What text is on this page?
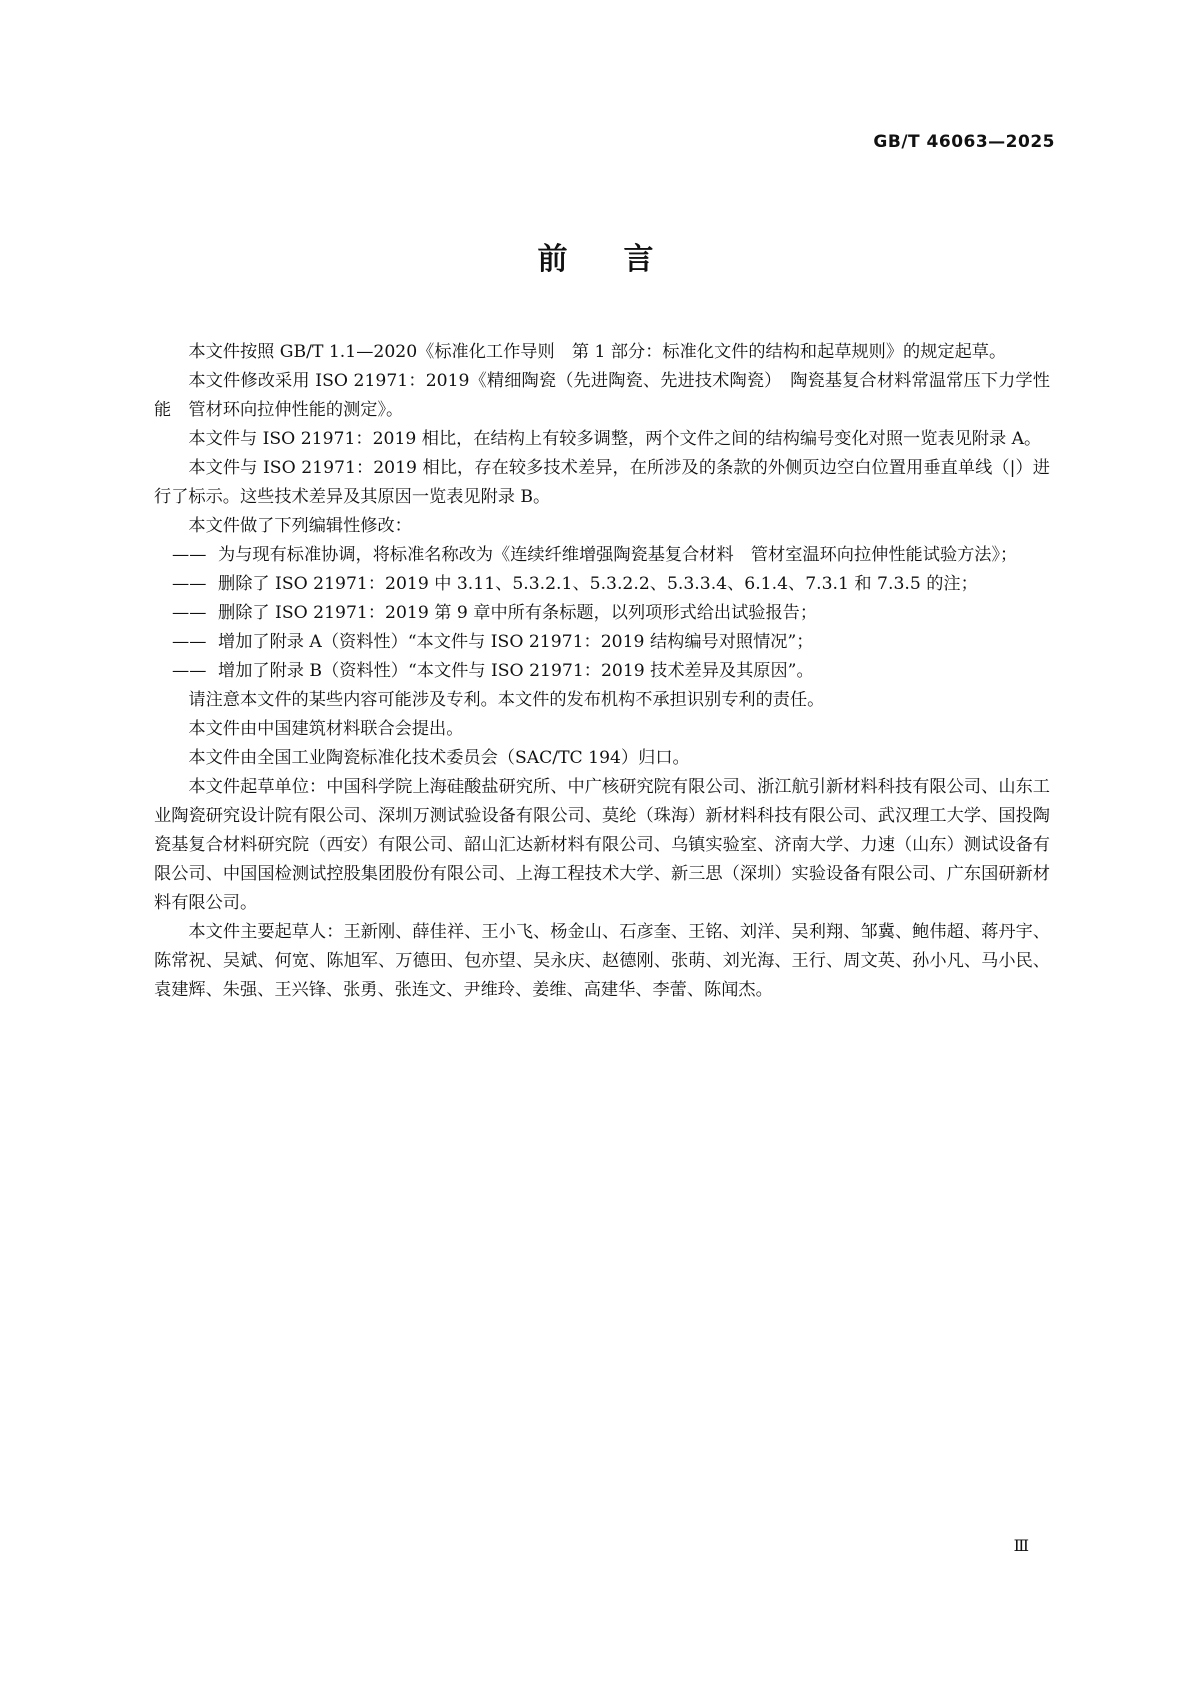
GB/T 46063—2025
前言

本文件按照 GB/T 1.1—2020《标准化工作导则　第 1 部分：标准化文件的结构和起草规则》的规定起草。

本文件修改采用 ISO 21971：2019《精细陶瓷（先进陶瓷、先进技术陶瓷）　陶瓷基复合材料常温常压下力学性能　管材环向拉伸性能的测定》。

本文件与 ISO 21971：2019 相比，在结构上有较多调整，两个文件之间的结构编号变化对照一览表见附录 A。

本文件与 ISO 21971：2019 相比，存在较多技术差异，在所涉及的条款的外侧页边空白位置用垂直单线（|）进行了标示。这些技术差异及其原因一览表见附录 B。

本文件做了下列编辑性修改：

—— 为与现有标准协调，将标准名称改为《连续纤维增强陶瓷基复合材料　管材室温环向拉伸性能试验方法》；
—— 删除了 ISO 21971：2019 中 3.11、5.3.2.1、5.3.2.2、5.3.3.4、6.1.4、7.3.1 和 7.3.5 的注；
—— 删除了 ISO 21971：2019 第 9 章中所有条标题，以列项形式给出试验报告；
—— 增加了附录 A（资料性）“本文件与 ISO 21971：2019 结构编号对照情况”；
—— 增加了附录 B（资料性）“本文件与 ISO 21971：2019 技术差异及其原因”。

请注意本文件的某些内容可能涉及专利。本文件的发布机构不承担识别专利的责任。

本文件由中国建筑材料联合会提出。

本文件由全国工业陶瓷标准化技术委员会（SAC/TC 194）归口。

本文件起草单位：中国科学院上海硅酸盐研究所、中广核研究院有限公司、浙江航引新材料科技有限公司、山东工业陶瓷研究设计院有限公司、深圳万测试验设备有限公司、莫纶（珠海）新材料科技有限公司、武汉理工大学、国投陶瓷基复合材料研究院（西安）有限公司、韶山汇达新材料有限公司、乌镇实验室、济南大学、力速（山东）测试设备有限公司、中国国检测试控股集团股份有限公司、上海工程技术大学、新三思（深圳）实验设备有限公司、广东国研新材料有限公司。

本文件主要起草人：王新刚、薛佳祥、王小飞、杨金山、石彦奎、王铭、刘洋、吴利翔、邹冀、鲍伟超、蒋丹宇、陈常祝、吴斌、何宽、陈旭军、万德田、包亦望、吴永庆、赵德刚、张萌、刘光海、王行、周文英、孙小凡、马小民、袁建辉、朱强、王兴锋、张勇、张连文、尹维玲、姜维、高建华、李蕾、陈闻杰。

Ⅲ
